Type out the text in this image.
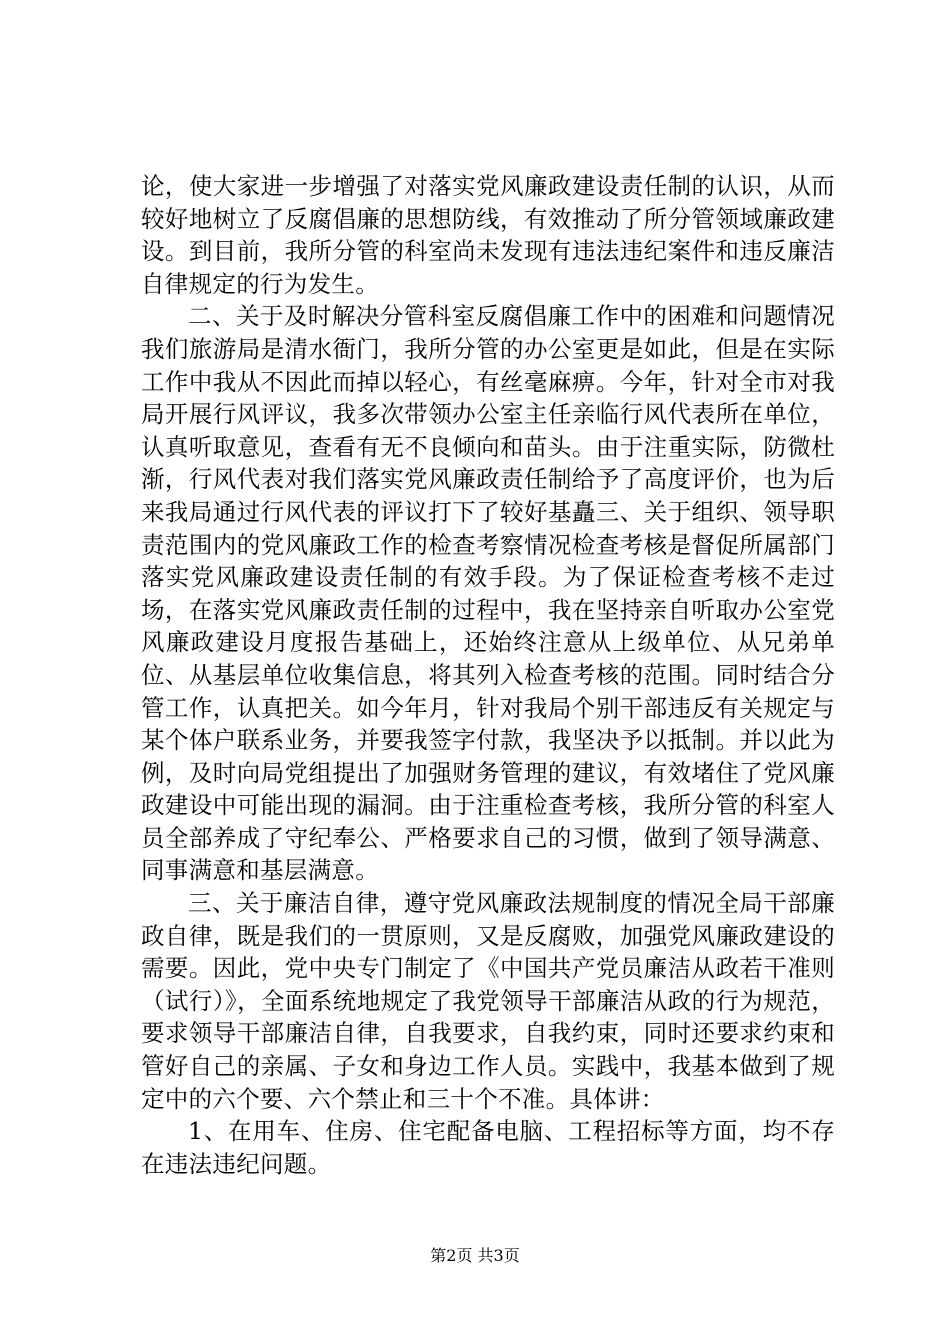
论，使大家进一步增强了对落实党风廉政建设责任制的认识，从而较好地树立了反腐倡廉的思想防线，有效推动了所分管领域廉政建设。到目前，我所分管的科室尚未发现有违法违纪案件和违反廉洁自律规定的行为发生。

二、关于及时解决分管科室反腐倡廉工作中的困难和问题情况我们旅游局是清水衙门，我所分管的办公室更是如此，但是在实际工作中我从不因此而掉以轻心，有丝毫麻痹。今年，针对全市对我局开展行风评议，我多次带领办公室主任亲临行风代表所在单位，认真听取意见，查看有无不良倾向和苗头。由于注重实际，防微杜渐，行风代表对我们落实党风廉政责任制给予了高度评价，也为后来我局通过行风代表的评议打下了较好基矗三、关于组织、领导职责范围内的党风廉政工作的检查考察情况检查考核是督促所属部门落实党风廉政建设责任制的有效手段。为了保证检查考核不走过场，在落实党风廉政责任制的过程中，我在坚持亲自听取办公室党风廉政建设月度报告基础上，还始终注意从上级单位、从兄弟单位、从基层单位收集信息，将其列入检查考核的范围。同时结合分管工作，认真把关。如今年月，针对我局个别干部违反有关规定与某个体户联系业务，并要我签字付款，我坚决予以抵制。并以此为例，及时向局党组提出了加强财务管理的建议，有效堵住了党风廉政建设中可能出现的漏洞。由于注重检查考核，我所分管的科室人员全部养成了守纪奉公、严格要求自己的习惯，做到了领导满意、同事满意和基层满意。

三、关于廉洁自律，遵守党风廉政法规制度的情况全局干部廉政自律，既是我们的一贯原则，又是反腐败，加强党风廉政建设的需要。因此，党中央专门制定了《中国共产党员廉洁从政若干准则（试行）》，全面系统地规定了我党领导干部廉洁从政的行为规范，要求领导干部廉洁自律，自我要求，自我约束，同时还要求约束和管好自己的亲属、子女和身边工作人员。实践中，我基本做到了规定中的六个要、六个禁止和三十个不准。具体讲：

1、在用车、住房、住宅配备电脑、工程招标等方面，均不存在违法违纪问题。

第2页 共3页
